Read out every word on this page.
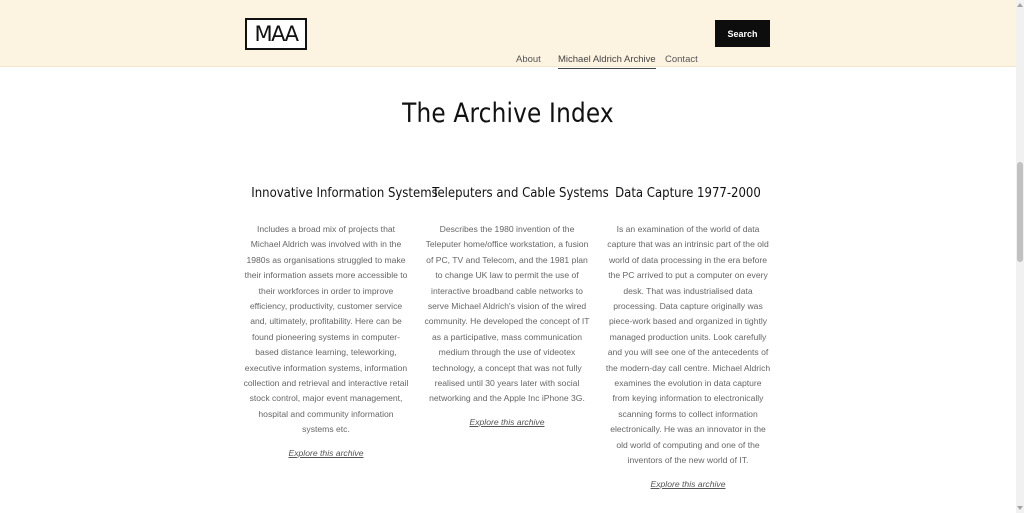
MAA
About Michael Aldrich Archive Contact
Search
The Archive Index
Innovative Information Systems
Includes a broad mix of projects that Michael Aldrich was involved with in the 1980s as organisations struggled to make their information assets more accessible to their workforces in order to improve efficiency, productivity, customer service and, ultimately, profitability. Here can be found pioneering systems in computer-based distance learning, teleworking, executive information systems, information collection and retrieval and interactive retail stock control, major event management, hospital and community information systems etc.
Explore this archive
Teleputers and Cable Systems
Describes the 1980 invention of the Teleputer home/office workstation, a fusion of PC, TV and Telecom, and the 1981 plan to change UK law to permit the use of interactive broadband cable networks to serve Michael Aldrich's vision of the wired community. He developed the concept of IT as a participative, mass communication medium through the use of videotex technology, a concept that was not fully realised until 30 years later with social networking and the Apple Inc iPhone 3G.
Explore this archive
Data Capture 1977-2000
Is an examination of the world of data capture that was an intrinsic part of the old world of data processing in the era before the PC arrived to put a computer on every desk. That was industrialised data processing. Data capture originally was piece-work based and organized in tightly managed production units. Look carefully and you will see one of the antecedents of the modern-day call centre. Michael Aldrich examines the evolution in data capture from keying information to electronically scanning forms to collect information electronically. He was an innovator in the old world of computing and one of the inventors of the new world of IT.
Explore this archive
